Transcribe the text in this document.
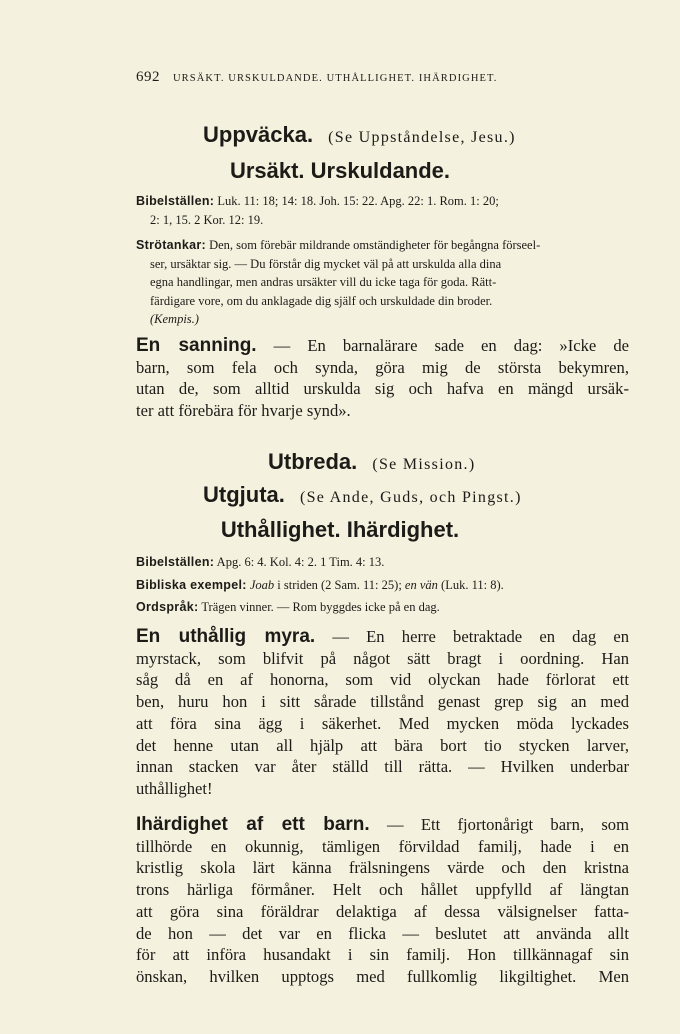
692 URSÄKT. URSKULDANDE. UTHÅLLIGHET. IHÄRDIGHET.
Uppväcka. (Se Uppståndelse, Jesu.)
Ursäkt. Urskuldande.
Bibelställen: Luk. 11: 18; 14: 18. Joh. 15: 22. Apg. 22: 1. Rom. 1: 20;
2: 1, 15. 2 Kor. 12: 19.
Strötankar: Den, som förebär mildrande omständigheter för begångna förseel-
ser, ursäktar sig. — Du förstår dig mycket väl på att urskulda alla dina
egna handlingar, men andras ursäkter vill du icke taga för goda. Rätt-
färdigare vore, om du anklagade dig själf och urskuldade din broder.
(Kempis.)
En sanning. — En barnalärare sade en dag: »Icke de
barn, som fela och synda, göra mig de största bekymren,
utan de, som alltid urskulda sig och hafva en mängd ursäk-
ter att förebära för hvarje synd».
Utbreda. (Se Mission.)
Utgjuta. (Se Ande, Guds, och Pingst.)
Uthållighet. Ihärdighet.
Bibelställen: Apg. 6: 4. Kol. 4: 2. 1 Tim. 4: 13.
Bibliska exempel: Joab i striden (2 Sam. 11: 25); en vän (Luk. 11: 8).
Ordspråk: Trägen vinner. — Rom byggdes icke på en dag.
En uthållig myra. — En herre betraktade en dag en
myrstack, som blifvit på något sätt bragt i oordning. Han
såg då en af honorna, som vid olyckan hade förlorat ett
ben, huru hon i sitt sårade tillstånd genast grep sig an med
att föra sina ägg i säkerhet. Med mycken möda lyckades
det henne utan all hjälp att bära bort tio stycken larver,
innan stacken var åter ställd till rätta. — Hvilken underbar
uthållighet!
Ihärdighet af ett barn. — Ett fjortonårigt barn, som
tillhörde en okunnig, tämligen förvildad familj, hade i en
kristlig skola lärt känna frälsningens värde och den kristna
trons härliga förmåner. Helt och hållet uppfylld af längtan
att göra sina föräldrar delaktiga af dessa välsignelser fatta-
de hon — det var en flicka — beslutet att använda allt
för att införa husandakt i sin familj. Hon tillkännagaf sin
önskan, hvilken upptogs med fullkomlig likgiltighet. Men
